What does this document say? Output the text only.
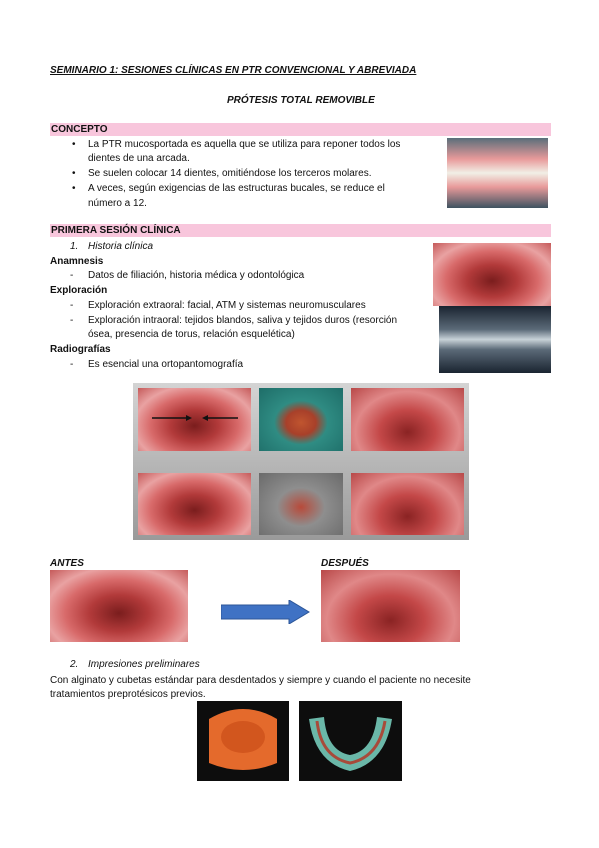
SEMINARIO 1: SESIONES CLÍNICAS EN PTR CONVENCIONAL Y ABREVIADA
PRÓTESIS TOTAL REMOVIBLE
CONCEPTO
• La PTR mucosportada es aquella que se utiliza para reponer todos los
dientes de una arcada.
• Se suelen colocar 14 dientes, omitiéndose los terceros molares.
• A veces, según exigencias de las estructuras bucales, se reduce el
número a 12.
PRIMERA SESIÓN CLÍNICA
1. Historia clínica
Anamnesis
- Datos de filiación, historia médica y odontológica
Exploración
- Exploración extraoral: facial, ATM y sistemas neuromusculares
- Exploración intraoral: tejidos blandos, saliva y tejidos duros (resorción
ósea, presencia de torus, relación esquelética)
Radiografías
- Es esencial una ortopantomografía
ANTES	DESPUÉS
2. Impresiones preliminares
Con alginato y cubetas estándar para desdentados y siempre y cuando el paciente no necesite
tratamientos preprotésicos previos.
